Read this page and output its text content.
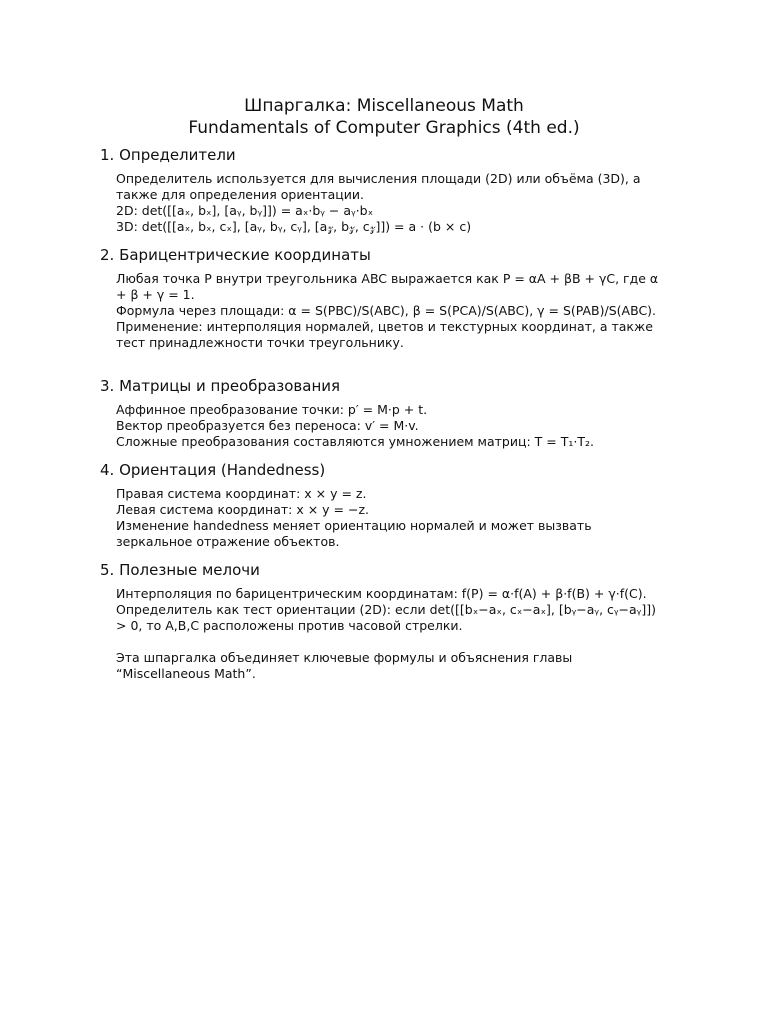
Шпаргалка: Miscellaneous Math

Fundamentals of Computer Graphics (4th ed.)

1. Определители
Определитель используется для вычисления площади (2D) или объёма (3D), а также для определения ориентации.
2D: det([[aₓ, bₓ], [aᵧ, bᵧ]]) = aₓ·bᵧ − aᵧ·bₓ
3D: det([[aₓ, bₓ, cₓ], [aᵧ, bᵧ, cᵧ], [a𝓏, b𝓏, c𝓏]]) = a · (b × c)
2. Барицентрические координаты
Любая точка P внутри треугольника ABC выражается как P = αA + βB + γC, где α + β + γ = 1.
Формула через площади: α = S(PBC)/S(ABC), β = S(PCA)/S(ABC), γ = S(PAB)/S(ABC).
Применение: интерполяция нормалей, цветов и текстурных координат, а также тест принадлежности точки треугольнику.
3. Матрицы и преобразования
Аффинное преобразование точки: p′ = M·p + t.
Вектор преобразуется без переноса: v′ = M·v.
Сложные преобразования составляются умножением матриц: T = T₁·T₂.
4. Ориентация (Handedness)
Правая система координат: x × y = z.
Левая система координат: x × y = −z.
Изменение handedness меняет ориентацию нормалей и может вызвать зеркальное отражение объектов.
5. Полезные мелочи
Интерполяция по барицентрическим координатам: f(P) = α·f(A) + β·f(B) + γ·f(C).
Определитель как тест ориентации (2D): если det([[bₓ−aₓ, cₓ−aₓ], [bᵧ−aᵧ, cᵧ−aᵧ]]) > 0, то A,B,C расположены против часовой стрелки.
Эта шпаргалка объединяет ключевые формулы и объяснения главы “Miscellaneous Math”.
